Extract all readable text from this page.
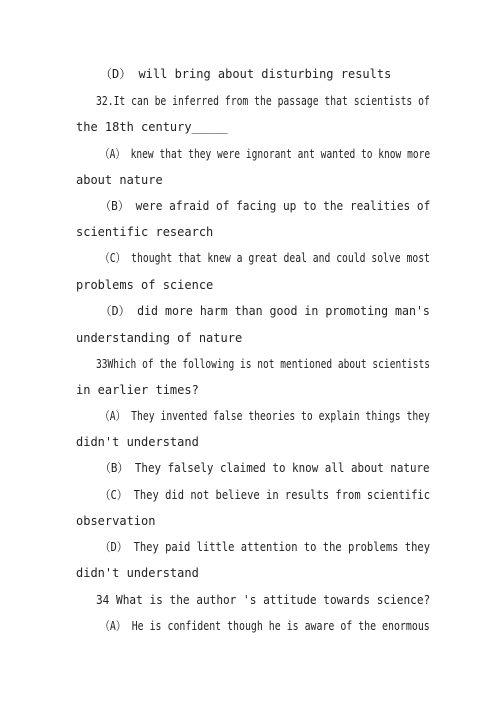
（D） will bring about disturbing results
32.It can be inferred from the passage that scientists of
the 18th century_____
（A） knew that they were ignorant ant wanted to know more
about nature
（B） were afraid of facing up to the realities of
scientific research
（C） thought that knew a great deal and could solve most
problems of science
（D） did more harm than good in promoting man's
understanding of nature
33Which of the following is not mentioned about scientists
in earlier times?
（A） They invented false theories to explain things they
didn't understand
（B） They falsely claimed to know all about nature
（C） They did not believe in results from scientific
observation
（D） They paid little attention to the problems they
didn't understand
34 What is the author 's attitude towards science?
（A） He is confident though he is aware of the enormous
